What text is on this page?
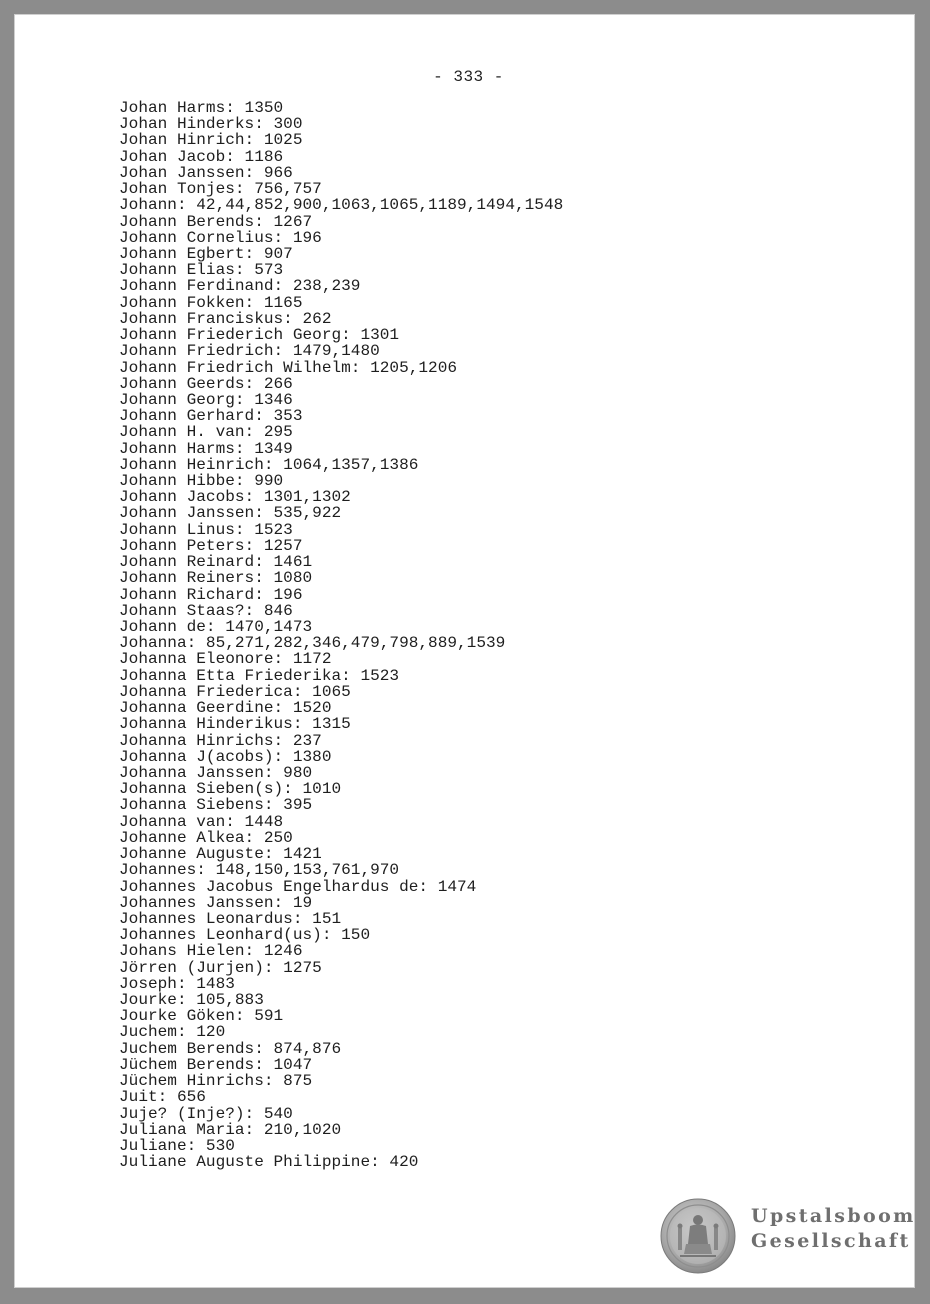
- 333 -
Johan Harms: 1350
Johan Hinderks: 300
Johan Hinrich: 1025
Johan Jacob: 1186
Johan Janssen: 966
Johan Tonjes: 756,757
Johann: 42,44,852,900,1063,1065,1189,1494,1548
Johann Berends: 1267
Johann Cornelius: 196
Johann Egbert: 907
Johann Elias: 573
Johann Ferdinand: 238,239
Johann Fokken: 1165
Johann Franciskus: 262
Johann Friederich Georg: 1301
Johann Friedrich: 1479,1480
Johann Friedrich Wilhelm: 1205,1206
Johann Geerds: 266
Johann Georg: 1346
Johann Gerhard: 353
Johann H. van: 295
Johann Harms: 1349
Johann Heinrich: 1064,1357,1386
Johann Hibbe: 990
Johann Jacobs: 1301,1302
Johann Janssen: 535,922
Johann Linus: 1523
Johann Peters: 1257
Johann Reinard: 1461
Johann Reiners: 1080
Johann Richard: 196
Johann Staas?: 846
Johann de: 1470,1473
Johanna: 85,271,282,346,479,798,889,1539
Johanna Eleonore: 1172
Johanna Etta Friederika: 1523
Johanna Friederica: 1065
Johanna Geerdine: 1520
Johanna Hinderikus: 1315
Johanna Hinrichs: 237
Johanna J(acobs): 1380
Johanna Janssen: 980
Johanna Sieben(s): 1010
Johanna Siebens: 395
Johanna van: 1448
Johanne Alkea: 250
Johanne Auguste: 1421
Johannes: 148,150,153,761,970
Johannes Jacobus Engelhardus de: 1474
Johannes Janssen: 19
Johannes Leonardus: 151
Johannes Leonhard(us): 150
Johans Hielen: 1246
Jörren (Jurjen): 1275
Joseph: 1483
Jourke: 105,883
Jourke Göken: 591
Juchem: 120
Juchem Berends: 874,876
Jüchem Berends: 1047
Jüchem Hinrichs: 875
Juit: 656
Juje? (Inje?): 540
Juliana Maria: 210,1020
Juliane: 530
Juliane Auguste Philippine: 420
Upstalsboom
Gesellschaft
